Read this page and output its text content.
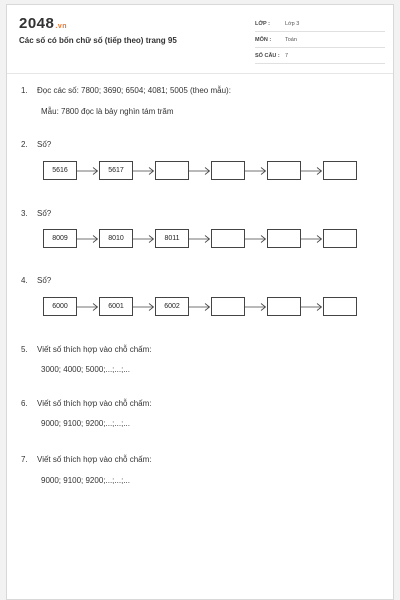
2048.vn
Các số có bốn chữ số (tiếp theo) trang 95
LỚP :	Lớp 3
MÔN :	Toán
SỐ CÂU : 7
1. Đọc các số: 7800; 3690; 6504; 4081; 5005 (theo mẫu):
Mẫu: 7800 đọc là bảy nghìn tám trăm
2. Số?
5616	5617
3. Số?
8009	8010	8011
4. Số?
6000	6001	6002
5. Viết số thích hợp vào chỗ chấm:
3000; 4000; 5000;...;...;...
6. Viết số thích hợp vào chỗ chấm:
9000; 9100; 9200;...;...;...
7. Viết số thích hợp vào chỗ chấm:
9000; 9100; 9200;...;...;...
